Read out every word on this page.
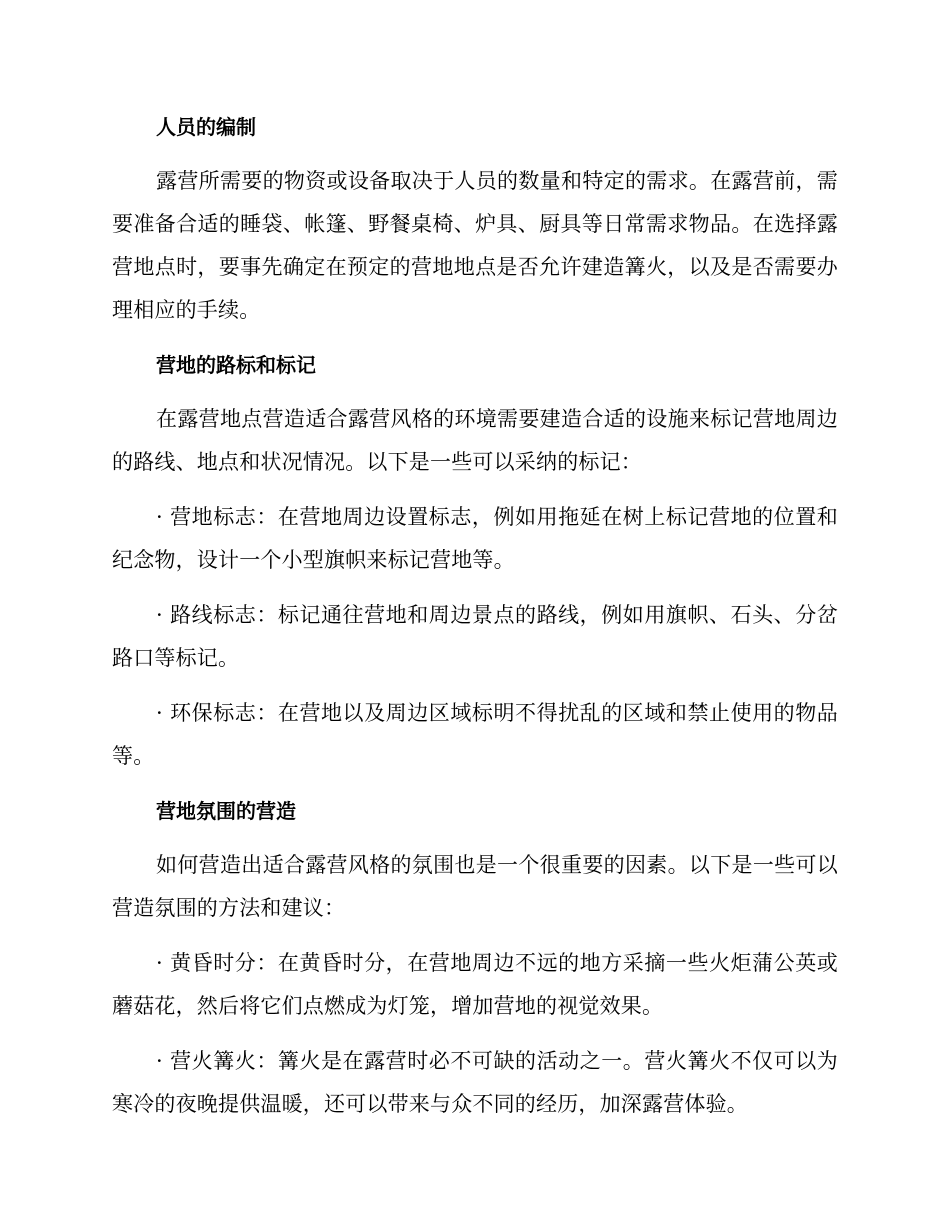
人员的编制

露营所需要的物资或设备取决于人员的数量和特定的需求。在露营前，需要准备合适的睡袋、帐篷、野餐桌椅、炉具、厨具等日常需求物品。在选择露营地点时，要事先确定在预定的营地地点是否允许建造篝火，以及是否需要办理相应的手续。

营地的路标和标记

在露营地点营造适合露营风格的环境需要建造合适的设施来标记营地周边的路线、地点和状况情况。以下是一些可以采纳的标记：

· 营地标志：在营地周边设置标志，例如用拖延在树上标记营地的位置和纪念物，设计一个小型旗帜来标记营地等。

· 路线标志：标记通往营地和周边景点的路线，例如用旗帜、石头、分岔路口等标记。

· 环保标志：在营地以及周边区域标明不得扰乱的区域和禁止使用的物品等。

营地氛围的营造

如何营造出适合露营风格的氛围也是一个很重要的因素。以下是一些可以营造氛围的方法和建议：

· 黄昏时分：在黄昏时分，在营地周边不远的地方采摘一些火炬蒲公英或蘑菇花，然后将它们点燃成为灯笼，增加营地的视觉效果。

· 营火篝火：篝火是在露营时必不可缺的活动之一。营火篝火不仅可以为寒冷的夜晚提供温暖，还可以带来与众不同的经历，加深露营体验。
